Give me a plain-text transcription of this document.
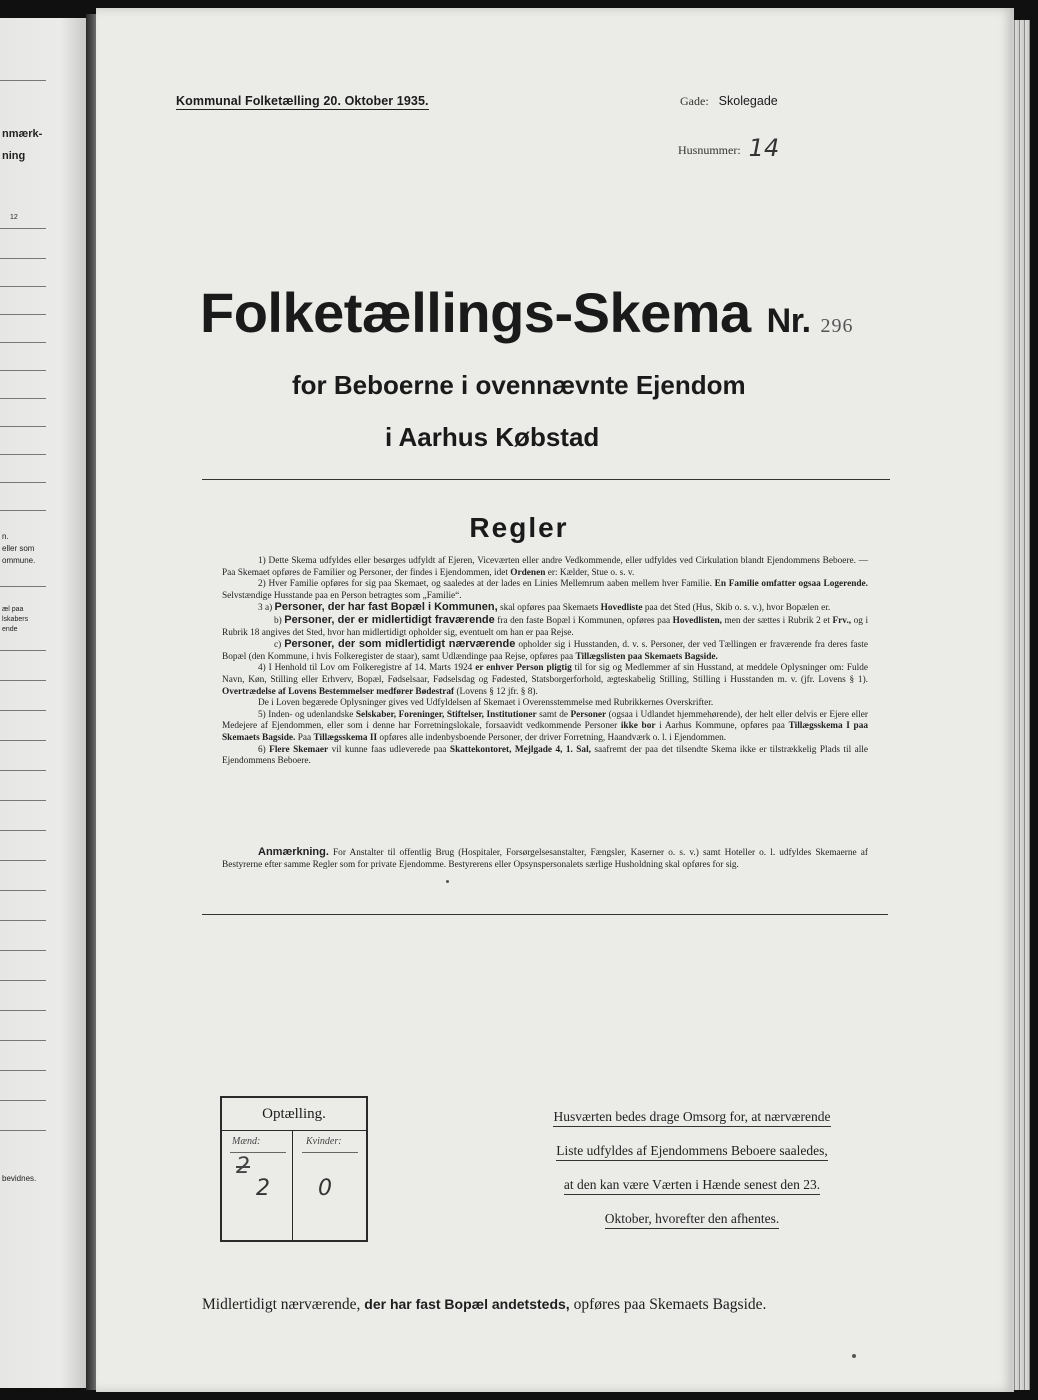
nmærk-
ning
12
n.
eller som
ommune.
æl paa
lskabers
ende
bevidnes.
Kommunal Folketælling 20. Oktober 1935.	Gade: Skolegade
Husnummer: 14
Folketællings-Skema Nr. 296
for Beboerne i ovennævnte Ejendom
i Aarhus Købstad
Regler

1) Dette Skema udfyldes eller besørges udfyldt af Ejeren, Viceværten eller andre Vedkommende, eller udfyldes ved Cirkulation blandt Ejendommens Beboere. — Paa Skemaet opføres de Familier og Personer, der findes i Ejendommen, idet Ordenen er: Kælder, Stue o. s. v.

2) Hver Familie opføres for sig paa Skemaet, og saaledes at der lades en Linies Mellemrum aaben mellem hver Familie. En Familie omfatter ogsaa Logerende. Selvstændige Husstande paa en Person betragtes som „Familie“.

3 a) Personer, der har fast Bopæl i Kommunen, skal opføres paa Skemaets Hovedliste paa det Sted (Hus, Skib o. s. v.), hvor Bopælen er.

b) Personer, der er midlertidigt fraværende fra den faste Bopæl i Kommunen, opføres paa Hovedlisten, men der sættes i Rubrik 2 et Frv., og i Rubrik 18 angives det Sted, hvor han midlertidigt opholder sig, eventuelt om han er paa Rejse.

c) Personer, der som midlertidigt nærværende opholder sig i Husstanden, d. v. s. Personer, der ved Tællingen er fraværende fra deres faste Bopæl (den Kommune, i hvis Folkeregister de staar), samt Udlændinge paa Rejse, opføres paa Tillægslisten paa Skemaets Bagside.

4) I Henhold til Lov om Folkeregistre af 14. Marts 1924 er enhver Person pligtig til for sig og Medlemmer af sin Husstand, at meddele Oplysninger om: Fulde Navn, Køn, Stilling eller Erhverv, Bopæl, Fødselsaar, Fødselsdag og Fødested, Statsborgerforhold, ægteskabelig Stilling, Stilling i Husstanden m. v. (jfr. Lovens § 1). Overtrædelse af Lovens Bestemmelser medfører Bødestraf (Lovens § 12 jfr. § 8).

De i Loven begærede Oplysninger gives ved Udfyldelsen af Skemaet i Overensstemmelse med Rubrikkernes Overskrifter.

5) Inden- og udenlandske Selskaber, Foreninger, Stiftelser, Institutioner samt de Personer (ogsaa i Udlandet hjemmehørende), der helt eller delvis er Ejere eller Medejere af Ejendommen, eller som i denne har Forretningslokale, forsaavidt vedkommende Personer ikke bor i Aarhus Kommune, opføres paa Tillægsskema I paa Skemaets Bagside. Paa Tillægsskema II opføres alle indenbysboende Personer, der driver Forretning, Haandværk o. l. i Ejendommen.

6) Flere Skemaer vil kunne faas udleverede paa Skattekontoret, Mejlgade 4, 1. Sal, saafremt der paa det tilsendte Skema ikke er tilstrækkelig Plads til alle Ejendommens Beboere.

Anmærkning. For Anstalter til offentlig Brug (Hospitaler, Forsørgelsesanstalter, Fængsler, Kaserner o. s. v.) samt Hoteller o. l. udfyldes Skemaerne af Bestyrerne efter samme Regler som for private Ejendomme. Bestyrerens eller Opsynspersonalets særlige Husholdning skal opføres for sig.

Optælling.
Mænd:	Kvinder:
2
2 0
Husværten bedes drage Omsorg for, at nærværende
Liste udfyldes af Ejendommens Beboere saaledes,
at den kan være Værten i Hænde senest den 23.
Oktober, hvorefter den afhentes.
Midlertidigt nærværende, der har fast Bopæl andetsteds, opføres paa Skemaets Bagside.
